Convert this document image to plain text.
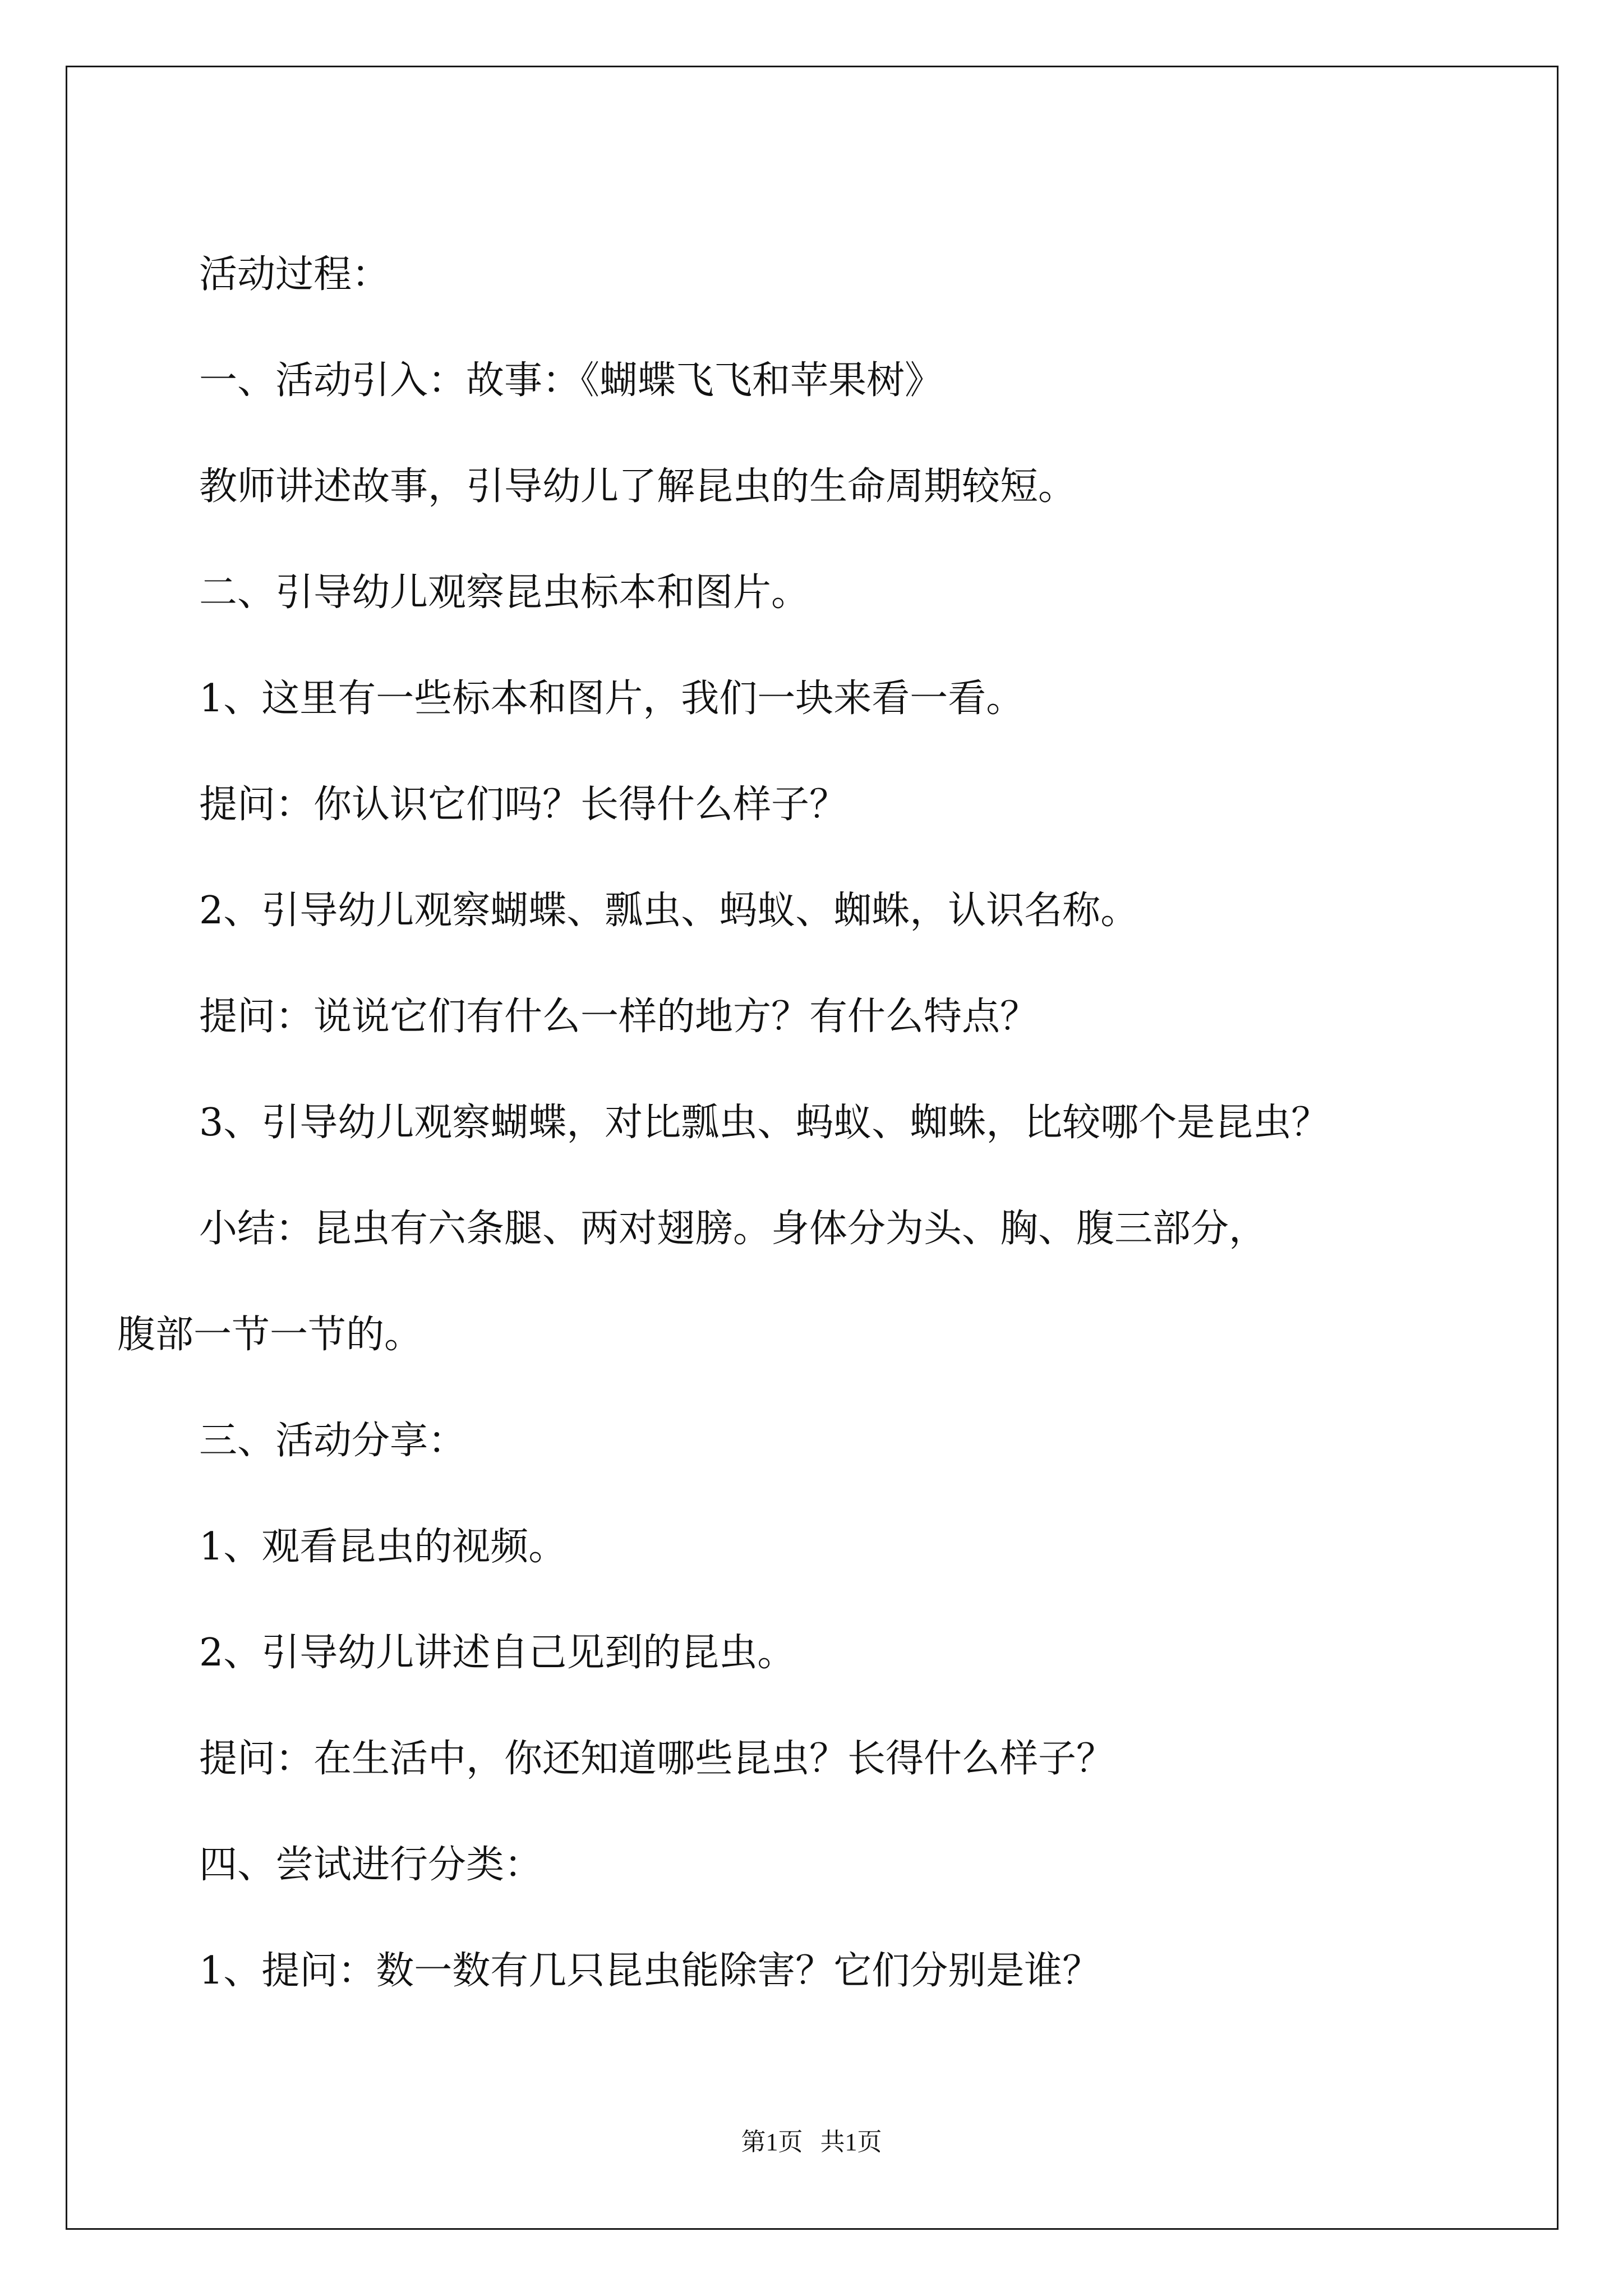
活动过程：

一、活动引入：故事：《蝴蝶飞飞和苹果树》

教师讲述故事，引导幼儿了解昆虫的生命周期较短。

二、引导幼儿观察昆虫标本和图片。

1、这里有一些标本和图片，我们一块来看一看。

提问：你认识它们吗？长得什么样子？

2、引导幼儿观察蝴蝶、瓢虫、蚂蚁、蜘蛛，认识名称。

提问：说说它们有什么一样的地方？有什么特点？

3、引导幼儿观察蝴蝶，对比瓢虫、蚂蚁、蜘蛛，比较哪个是昆虫？

小结：昆虫有六条腿、两对翅膀。身体分为头、胸、腹三部分，

腹部一节一节的。

三、活动分享：

1、观看昆虫的视频。

2、引导幼儿讲述自己见到的昆虫。

提问：在生活中，你还知道哪些昆虫？长得什么样子？

四、尝试进行分类：

1、提问：数一数有几只昆虫能除害？它们分别是谁？

第1页 共1页
